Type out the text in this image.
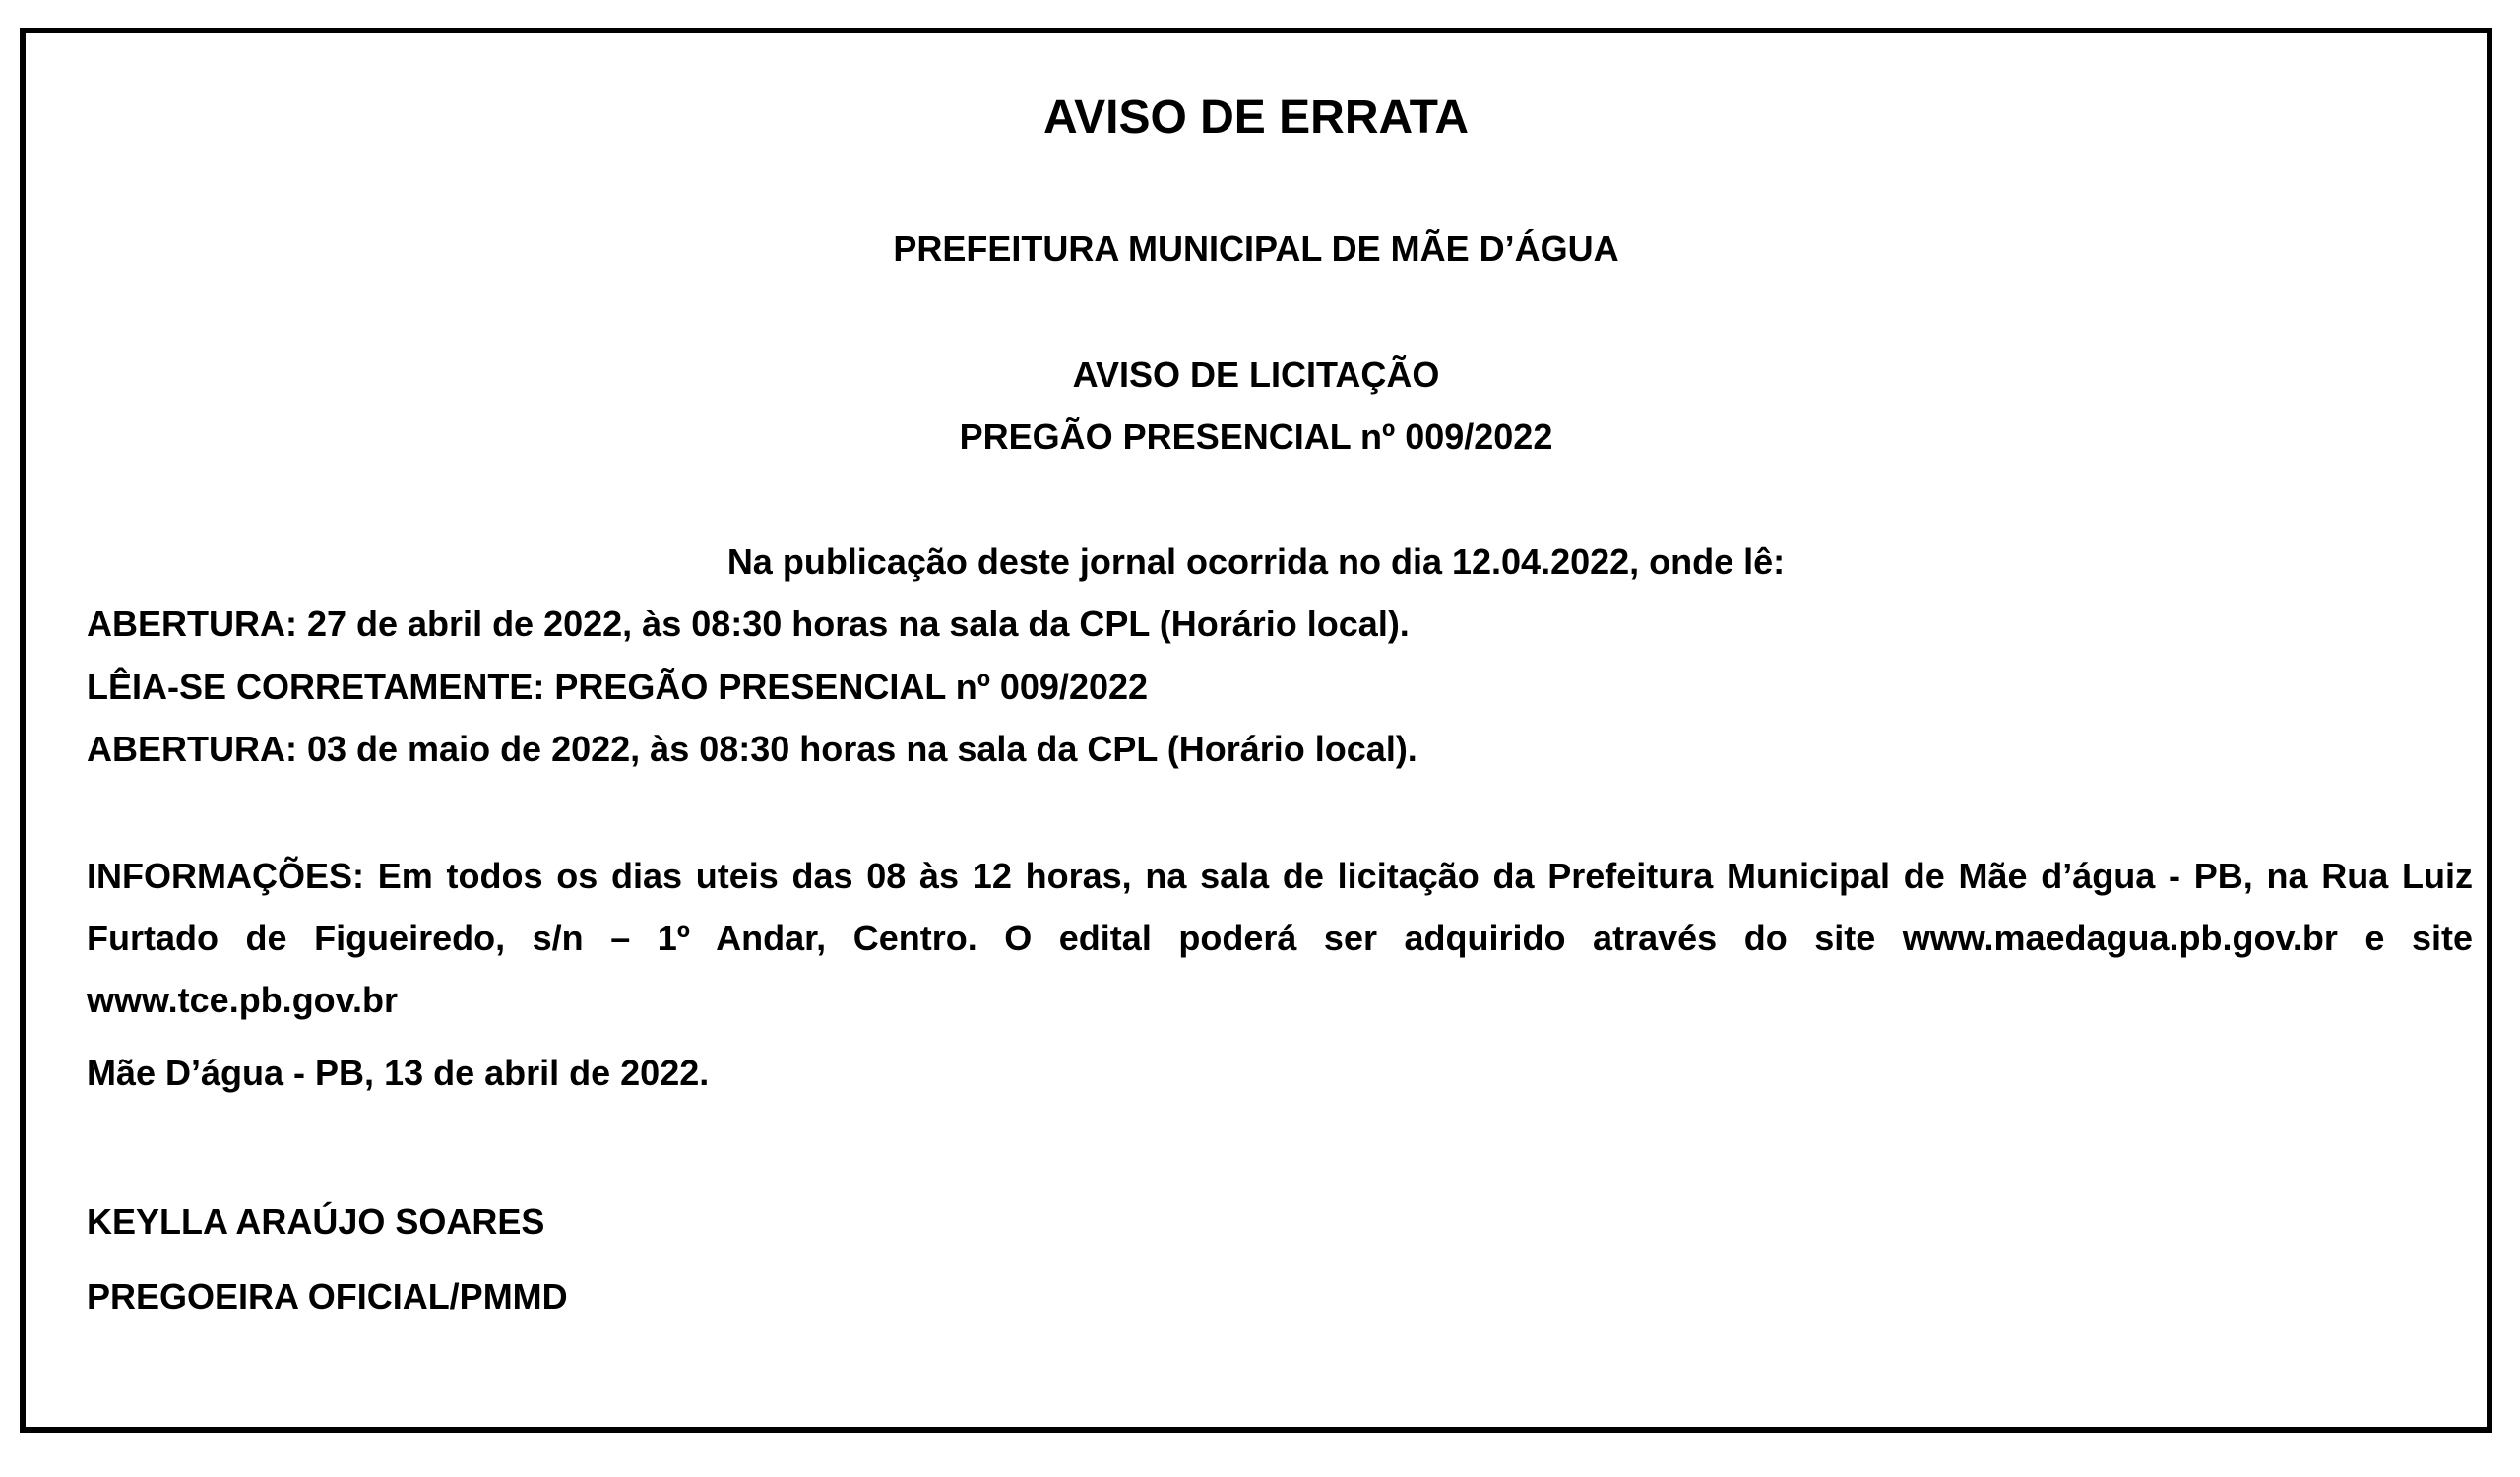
AVISO DE ERRATA

PREFEITURA MUNICIPAL DE MÃE D’ÁGUA

AVISO DE LICITAÇÃO

PREGÃO PRESENCIAL nº 009/2022

Na publicação deste jornal ocorrida no dia 12.04.2022, onde lê:

ABERTURA: 27 de abril de 2022, às 08:30 horas na sala da CPL (Horário local).

LÊIA-SE CORRETAMENTE: PREGÃO PRESENCIAL nº 009/2022

ABERTURA: 03 de maio de 2022, às 08:30 horas na sala da CPL (Horário local).

INFORMAÇÕES: Em todos os dias uteis das 08 às 12 horas, na sala de licitação da Prefeitura Municipal de Mãe d’água - PB, na Rua Luiz Furtado de Figueiredo, s/n – 1º Andar, Centro. O edital poderá ser adquirido através do site www.maedagua.pb.gov.br e site www.tce.pb.gov.br

Mãe D’água - PB, 13 de abril de 2022.

KEYLLA ARAÚJO SOARES

PREGOEIRA OFICIAL/PMMD
